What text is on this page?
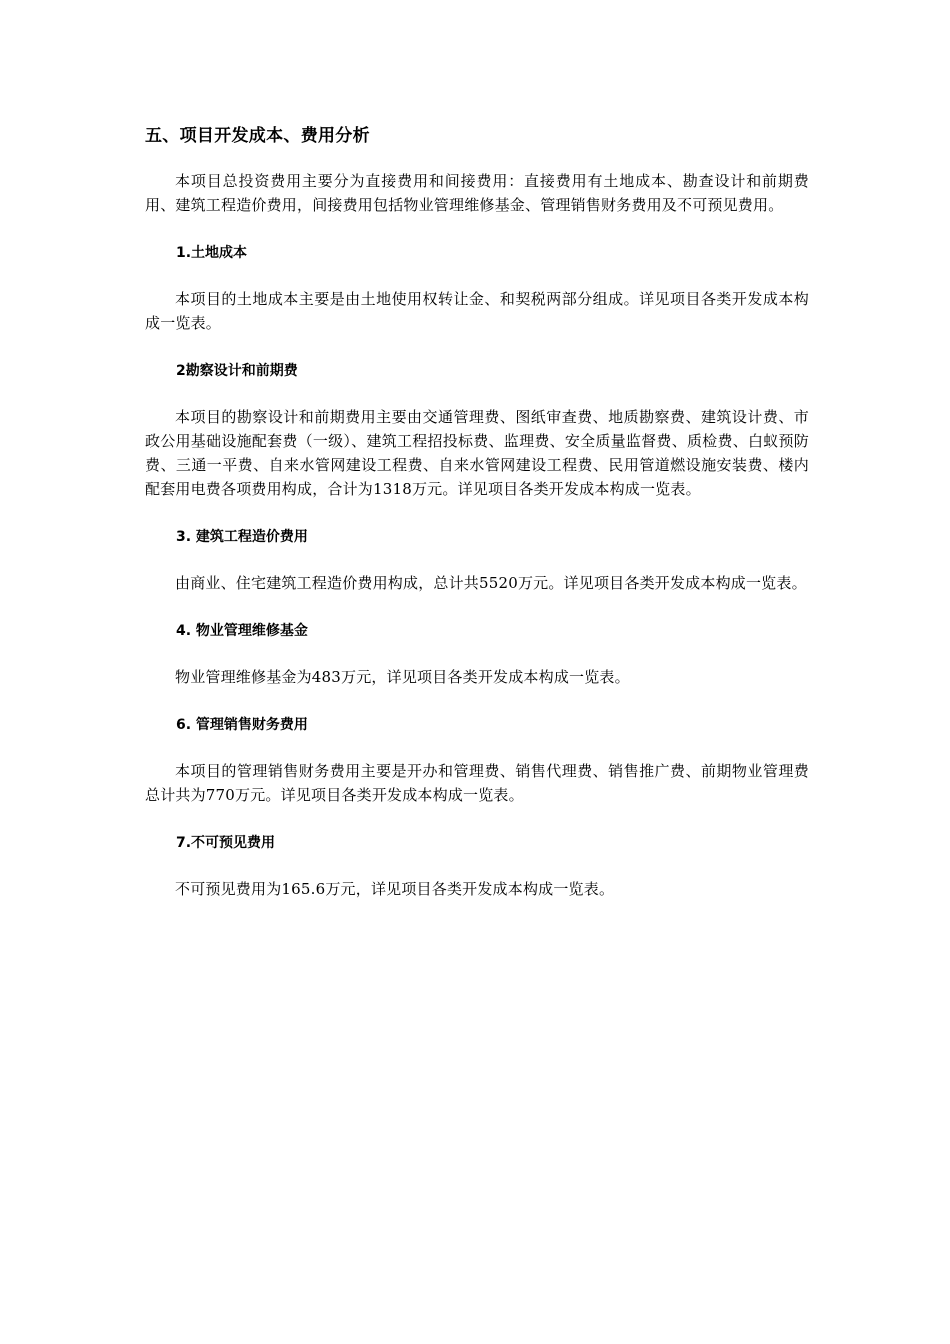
五、项目开发成本、费用分析

本项目总投资费用主要分为直接费用和间接费用：直接费用有土地成本、勘查设计和前期费用、建筑工程造价费用，间接费用包括物业管理维修基金、管理销售财务费用及不可预见费用。

1.土地成本

本项目的土地成本主要是由土地使用权转让金、和契税两部分组成。详见项目各类开发成本构成一览表。

2勘察设计和前期费

本项目的勘察设计和前期费用主要由交通管理费、图纸审查费、地质勘察费、建筑设计费、市政公用基础设施配套费（一级）、建筑工程招投标费、监理费、安全质量监督费、质检费、白蚁预防费、三通一平费、自来水管网建设工程费、自来水管网建设工程费、民用管道燃设施安装费、楼内配套用电费各项费用构成，合计为1318万元。详见项目各类开发成本构成一览表。

3. 建筑工程造价费用

由商业、住宅建筑工程造价费用构成，总计共5520万元。详见项目各类开发成本构成一览表。

4. 物业管理维修基金

物业管理维修基金为483万元，详见项目各类开发成本构成一览表。

6. 管理销售财务费用

本项目的管理销售财务费用主要是开办和管理费、销售代理费、销售推广费、前期物业管理费总计共为770万元。详见项目各类开发成本构成一览表。

7.不可预见费用

不可预见费用为165.6万元，详见项目各类开发成本构成一览表。
